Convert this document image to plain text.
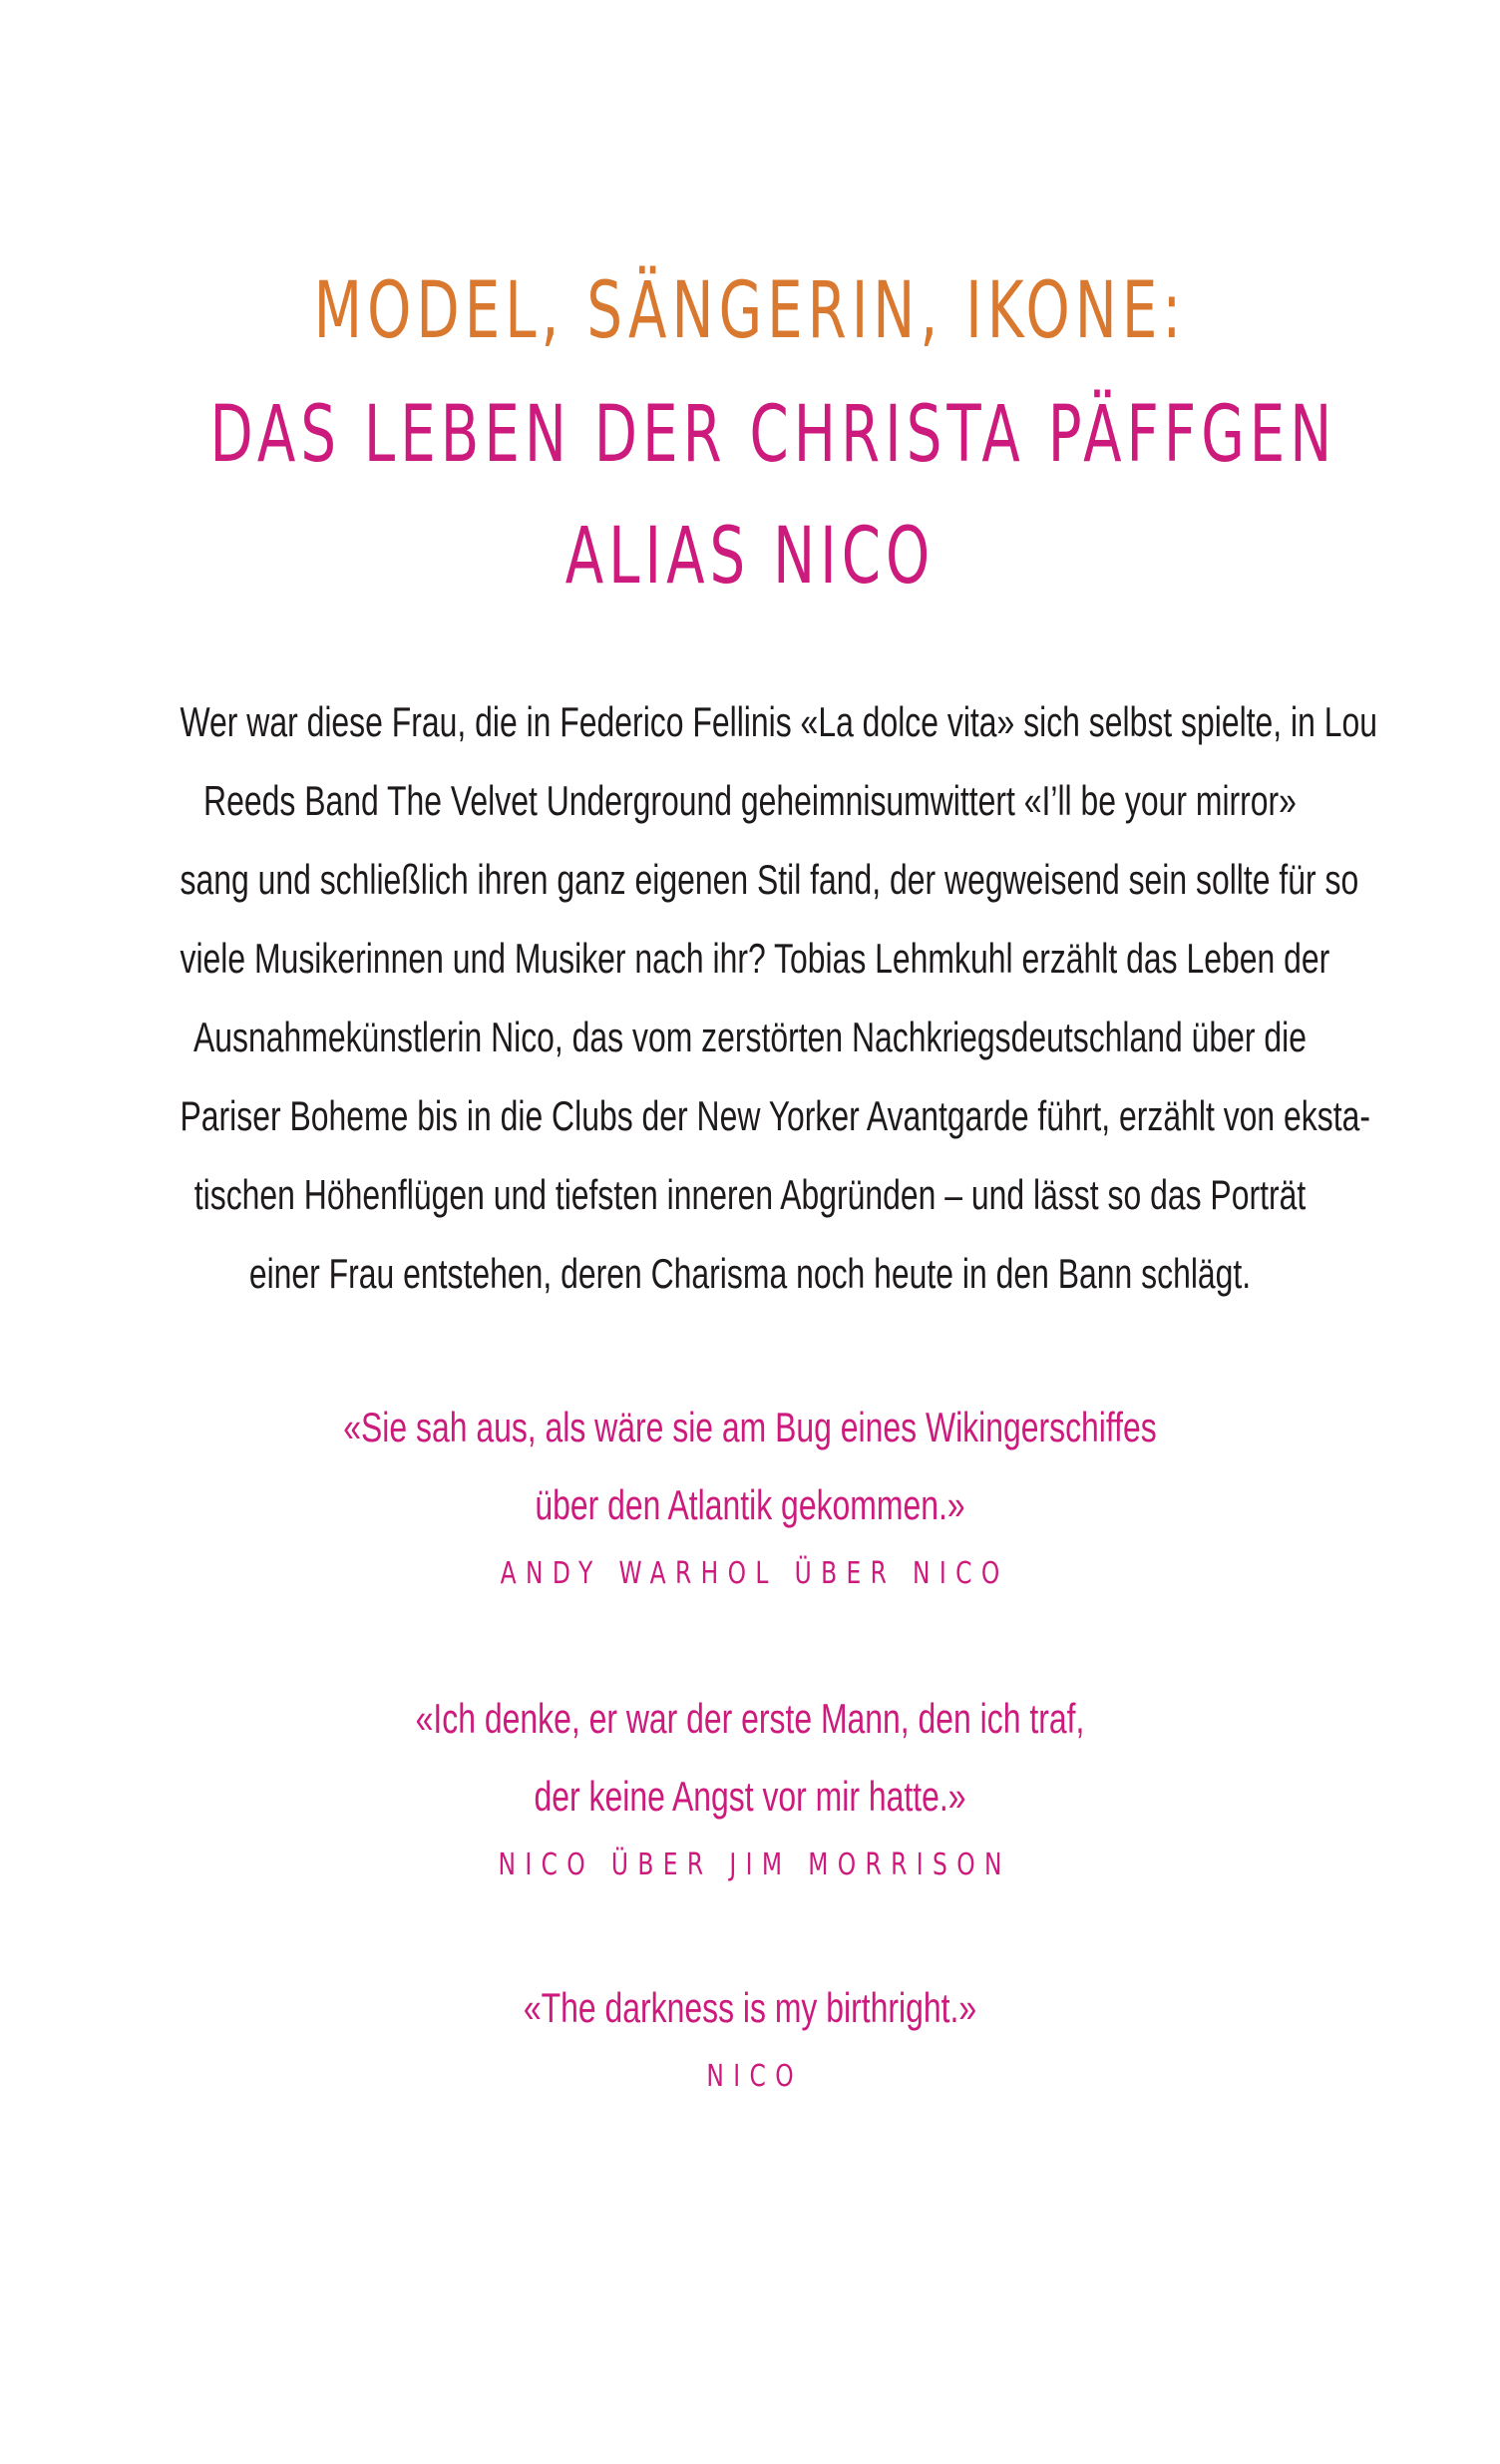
MODEL, SÄNGERIN, IKONE:
DAS LEBEN DER CHRISTA PÄFFGEN
ALIAS NICO
Wer war diese Frau, die in Federico Fellinis «La dolce vita» sich selbst spielte, in Lou
Reeds Band The Velvet Underground geheimnisumwittert «I’ll be your mirror»
sang und schließlich ihren ganz eigenen Stil fand, der wegweisend sein sollte für so
viele Musikerinnen und Musiker nach ihr? Tobias Lehmkuhl erzählt das Leben der
Ausnahmekünstlerin Nico, das vom zerstörten Nachkriegsdeutschland über die
Pariser Boheme bis in die Clubs der New Yorker Avantgarde führt, erzählt von eksta-
tischen Höhenflügen und tiefsten inneren Abgründen – und lässt so das Porträt
einer Frau entstehen, deren Charisma noch heute in den Bann schlägt.
«Sie sah aus, als wäre sie am Bug eines Wikingerschiffes
über den Atlantik gekommen.»
ANDY WARHOL ÜBER NICO
«Ich denke, er war der erste Mann, den ich traf,
der keine Angst vor mir hatte.»
NICO ÜBER JIM MORRISON
«The darkness is my birthright.»
NICO
